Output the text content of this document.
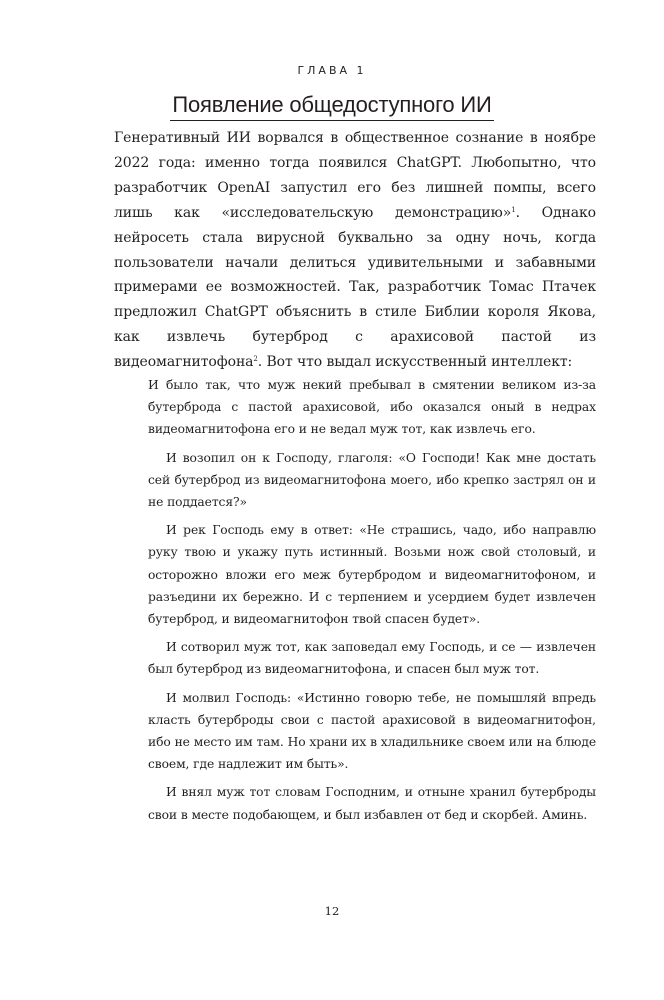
ГЛАВА 1
Появление общедоступного ИИ

Генеративный ИИ ворвался в общественное сознание в ноябре 2022 года: именно тогда появился ChatGPT. Любопытно, что разработчик OpenAI запустил его без лишней помпы, всего лишь как «исследовательскую демонстрацию»$^1$. Однако нейросеть стала вирусной буквально за одну ночь, когда пользователи начали делиться удивительными и забавными примерами ее возможностей. Так, разработчик Томас Птачек предложил ChatGPT объяснить в стиле Библии короля Якова, как извлечь бутерброд с арахисовой пастой из видеомагнитофона$^2$. Вот что выдал искусственный интеллект:

И было так, что муж некий пребывал в смятении великом из-за бутерброда с пастой арахисовой, ибо оказался оный в недрах видеомагнитофона его и не ведал муж тот, как извлечь его.

И возопил он к Господу, глаголя: «О Господи! Как мне достать сей бутерброд из видеомагнитофона моего, ибо крепко застрял он и не поддается?»

И рек Господь ему в ответ: «Не страшись, чадо, ибо направлю руку твою и укажу путь истинный. Возьми нож свой столовый, и осторожно вложи его меж бутербродом и видеомагнитофоном, и разъедини их бережно. И с терпением и усердием будет извлечен бутерброд, и видеомагнитофон твой спасен будет».

И сотворил муж тот, как заповедал ему Господь, и се — извлечен был бутерброд из видеомагнитофона, и спасен был муж тот.

И молвил Господь: «Истинно говорю тебе, не помышляй впредь класть бутерброды свои с пастой арахисовой в видеомагнитофон, ибо не место им там. Но храни их в хладильнике своем или на блюде своем, где надлежит им быть».

И внял муж тот словам Господним, и отныне хранил бутерброды свои в месте подобающем, и был избавлен от бед и скорбей. Аминь.

12
